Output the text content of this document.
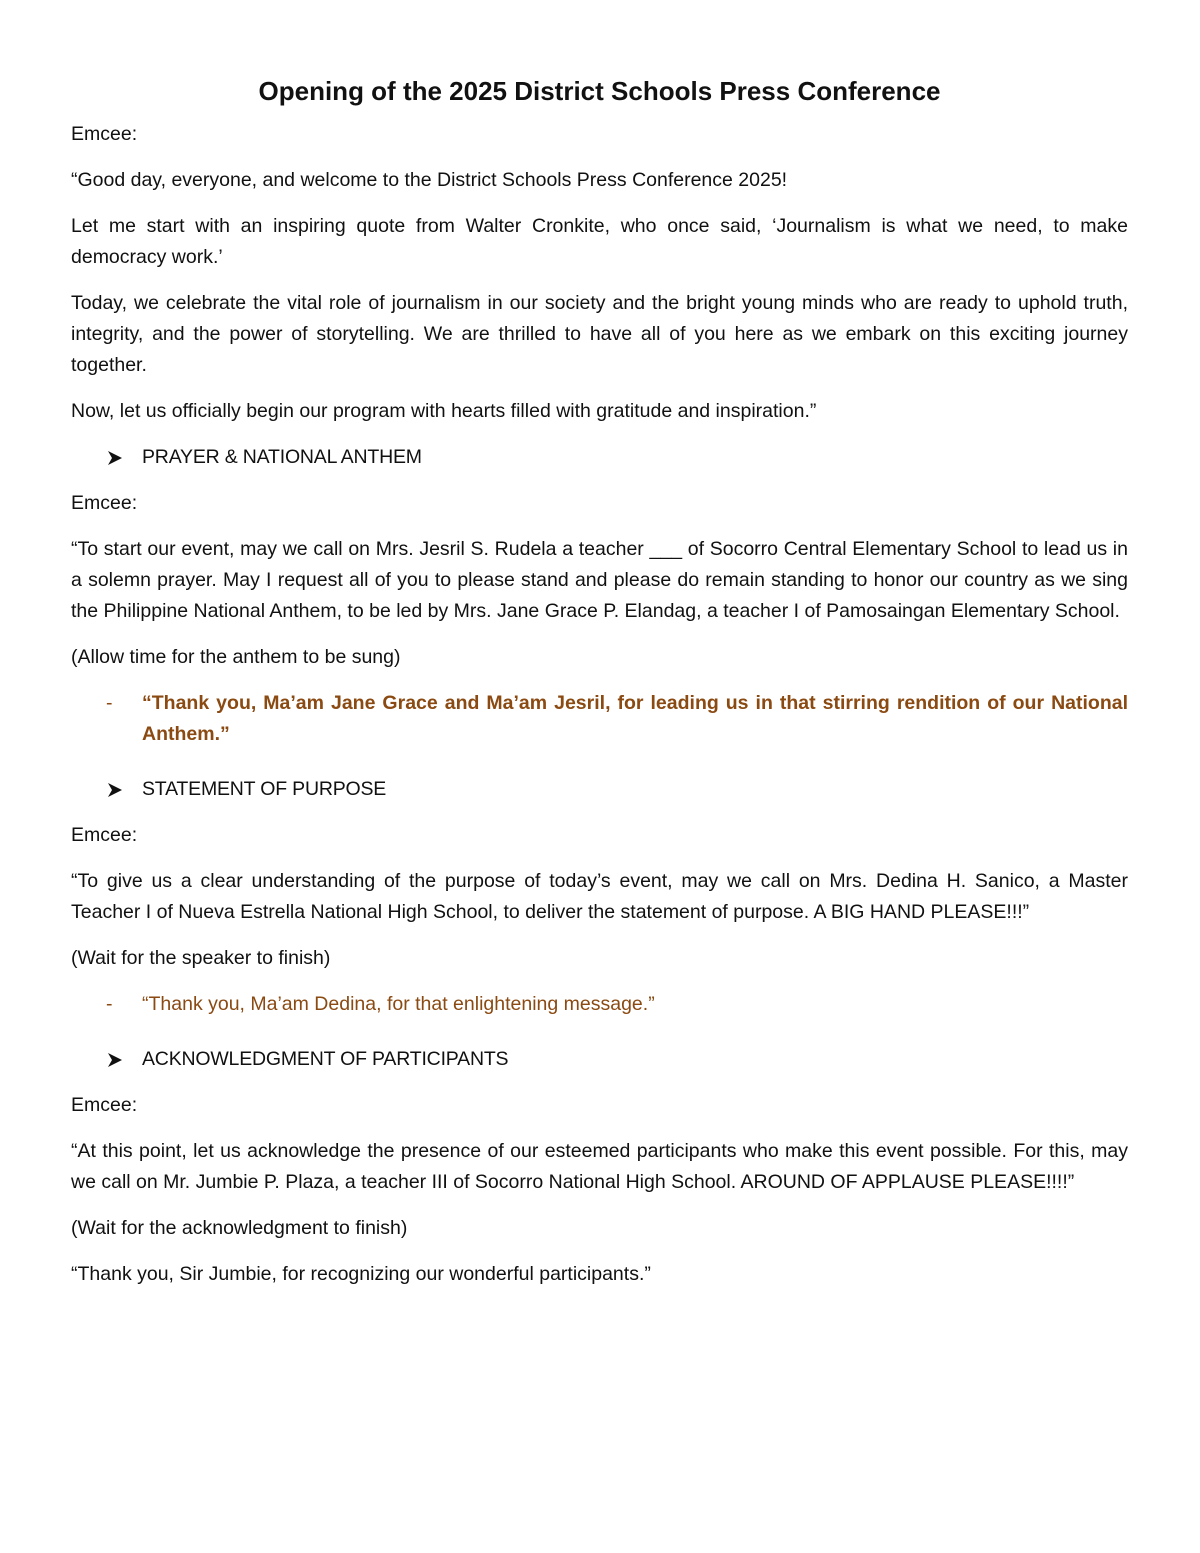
Opening of the 2025 District Schools Press Conference

Emcee:

“Good day, everyone, and welcome to the District Schools Press Conference 2025!

Let me start with an inspiring quote from Walter Cronkite, who once said, ‘Journalism is what we need, to make democracy work.’

Today, we celebrate the vital role of journalism in our society and the bright young minds who are ready to uphold truth, integrity, and the power of storytelling. We are thrilled to have all of you here as we embark on this exciting journey together.

Now, let us officially begin our program with hearts filled with gratitude and inspiration.”

PRAYER & NATIONAL ANTHEM

Emcee:

“To start our event, may we call on Mrs. Jesril S. Rudela a teacher ___ of Socorro Central Elementary School to lead us in a solemn prayer. May I request all of you to please stand and please do remain standing to honor our country as we sing the Philippine National Anthem, to be led by Mrs. Jane Grace P. Elandag, a teacher I of Pamosaingan Elementary School.

(Allow time for the anthem to be sung)

-	“Thank you, Ma’am Jane Grace and Ma’am Jesril, for leading us in that stirring rendition of our National Anthem.”
STATEMENT OF PURPOSE

Emcee:

“To give us a clear understanding of the purpose of today’s event, may we call on Mrs. Dedina H. Sanico, a Master Teacher I of Nueva Estrella National High School, to deliver the statement of purpose. A BIG HAND PLEASE!!!”

(Wait for the speaker to finish)

-	“Thank you, Ma’am Dedina, for that enlightening message.”
ACKNOWLEDGMENT OF PARTICIPANTS

Emcee:

“At this point, let us acknowledge the presence of our esteemed participants who make this event possible. For this, may we call on Mr. Jumbie P. Plaza, a teacher III of Socorro National High School. AROUND OF APPLAUSE PLEASE!!!!”

(Wait for the acknowledgment to finish)

“Thank you, Sir Jumbie, for recognizing our wonderful participants.”
